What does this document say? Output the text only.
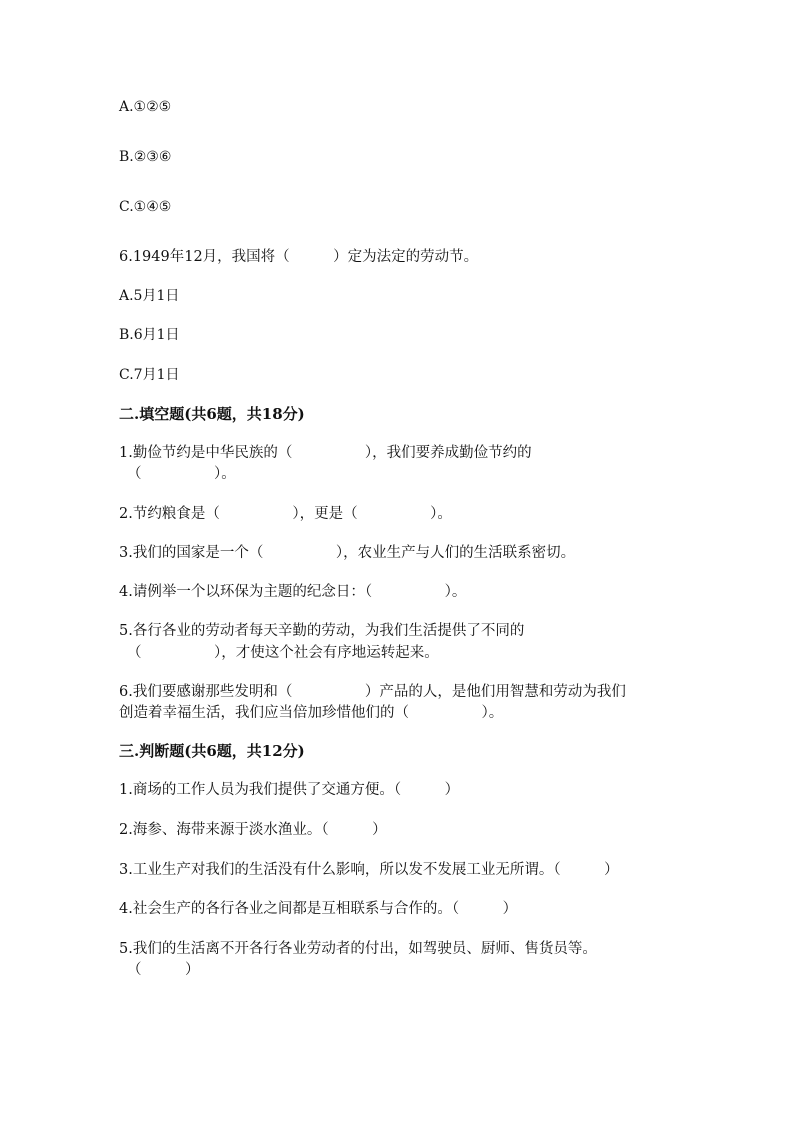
A.①②⑤
B.②③⑥
C.①④⑤
6.1949年12月，我国将（　　　）定为法定的劳动节。
A.5月1日
B.6月1日
C.7月1日
二.填空题(共6题，共18分)
1.勤俭节约是中华民族的（　　　　　），我们要养成勤俭节约的
（　　　　　）。
2.节约粮食是（　　　　　），更是（　　　　　）。
3.我们的国家是一个（　　　　　），农业生产与人们的生活联系密切。
4.请例举一个以环保为主题的纪念日：（　　　　　）。
5.各行各业的劳动者每天辛勤的劳动，为我们生活提供了不同的
（　　　　　），才使这个社会有序地运转起来。
6.我们要感谢那些发明和（　　　　　）产品的人，是他们用智慧和劳动为我们
创造着幸福生活，我们应当倍加珍惜他们的（　　　　　）。
三.判断题(共6题，共12分)
1.商场的工作人员为我们提供了交通方便。（　　　）
2.海参、海带来源于淡水渔业。（　　　）
3.工业生产对我们的生活没有什么影响，所以发不发展工业无所谓。（　　　）
4.社会生产的各行各业之间都是互相联系与合作的。（　　　）
5.我们的生活离不开各行各业劳动者的付出，如驾驶员、厨师、售货员等。
（　　　）
